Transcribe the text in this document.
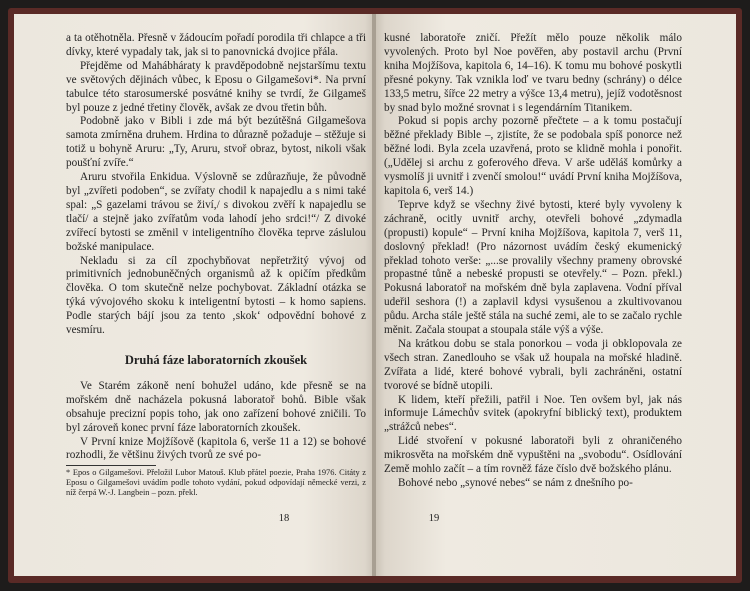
a ta otěhotněla. Přesně v žádoucím pořadí porodila tři chlapce a tři dívky, které vypadaly tak, jak si to panovnická dvojice přála.

Přejděme od Mahábháraty k pravděpodobně nejstaršímu textu ve světových dějinách vůbec, k Eposu o Gilgamešovi*. Na první tabulce této starosumerské posvátné knihy se tvrdí, že Gilgameš byl pouze z jedné třetiny člověk, avšak ze dvou třetin bůh.

Podobně jako v Bibli i zde má být bezútěšná Gilgamešova samota zmírněna druhem. Hrdina to důrazně požaduje – stěžuje si totiž u bohyně Aruru: „Ty, Aruru, stvoř obraz, bytost, nikoli však poušťní zvíře.“

Aruru stvořila Enkidua. Výslovně se zdůrazňuje, že původně byl „zvířeti podoben“, se zvířaty chodil k napajedlu a s nimi také spal: „S gazelami trávou se živí,/ s divokou zvěří k napajedlu se tlačí/ a stejně jako zvířatům voda lahodí jeho srdci!“/ Z divoké zvířecí bytosti se změnil v inteligentního člověka teprve záslulou božské manipulace.

Nekladu si za cíl zpochybňovat nepřetržitý vývoj od primitivních jednobuněčných organismů až k opičím předkům člověka. O tom skutečně nelze pochybovat. Základní otázka se týká vývojového skoku k inteligentní bytosti – k homo sapiens. Podle starých bájí jsou za tento ‚skok‘ odpovědní bohové z vesmíru.

Druhá fáze laboratorních zkoušek

Ve Starém zákoně není bohužel udáno, kde přesně se na mořském dně nacházela pokusná laboratoř bohů. Bible však obsahuje precizní popis toho, jak ono zařízení bohové zničili. To byl zároveň konec první fáze laboratorních zkoušek.

V První knize Mojžíšově (kapitola 6, verše 11 a 12) se bohové rozhodli, že většinu živých tvorů ze své po-

* Epos o Gilgamešovi. Přeložil Lubor Matouš. Klub přátel poezie, Praha 1976. Citáty z Eposu o Gilgamešovi uvádím podle tohoto vydání, pokud odpovídají německé verzi, z níž čerpá W.-J. Langbein – pozn. překl.

18

kusné laboratoře zničí. Přežít mělo pouze několik málo vyvolených. Proto byl Noe pověřen, aby postavil archu (První kniha Mojžíšova, kapitola 6, 14–16). K tomu mu bohové poskytli přesné pokyny. Tak vznikla loď ve tvaru bedny (schrány) o délce 133,5 metru, šířce 22 metry a výšce 13,4 metru), jejíž vodotěsnost by snad bylo možné srovnat i s legendárním Titanikem.

Pokud si popis archy pozorně přečtete – a k tomu postačují běžné překlady Bible –, zjistíte, že se podobala spíš ponorce než běžné lodi. Byla zcela uzavřená, proto se klidně mohla i ponořit. („Udělej si archu z goferového dřeva. V arše uděláš komůrky a vysmolíš ji uvnitř i zvenčí smolou!“ uvádí První kniha Mojžíšova, kapitola 6, verš 14.)

Teprve když se všechny živé bytosti, které byly vyvoleny k záchraně, ocitly uvnitř archy, otevřeli bohové „zdymadla (propusti) kopule“ – První kniha Mojžíšova, kapitola 7, verš 11, doslovný překlad! (Pro názornost uvádím český ekumenický překlad tohoto verše: „...se provalily všechny prameny obrovské propastné tůně a nebeské propusti se otevřely.“ – Pozn. překl.) Pokusná laboratoř na mořském dně byla zaplavena. Vodní příval udeřil seshora (!) a zaplavil kdysi vysušenou a zkultivovanou půdu. Archa stále ještě stála na suché zemi, ale to se začalo rychle měnit. Začala stoupat a stoupala stále výš a výše.

Na krátkou dobu se stala ponorkou – voda ji obklopovala ze všech stran. Zanedlouho se však už houpala na mořské hladině. Zvířata a lidé, které bohové vybrali, byli zachráněni, ostatní tvorové se bídně utopili.

K lidem, kteří přežili, patřil i Noe. Ten ovšem byl, jak nás informuje Lámechův svitek (apokryfní biblický text), produktem „strážců nebes“.

Lidé stvoření v pokusné laboratoři byli z ohraničeného mikrosvěta na mořském dně vypuštěni na „svobodu“. Osídlování Země mohlo začít – a tím rovněž fáze číslo dvě božského plánu.

Bohové nebo „synové nebes“ se nám z dnešního po-

19
